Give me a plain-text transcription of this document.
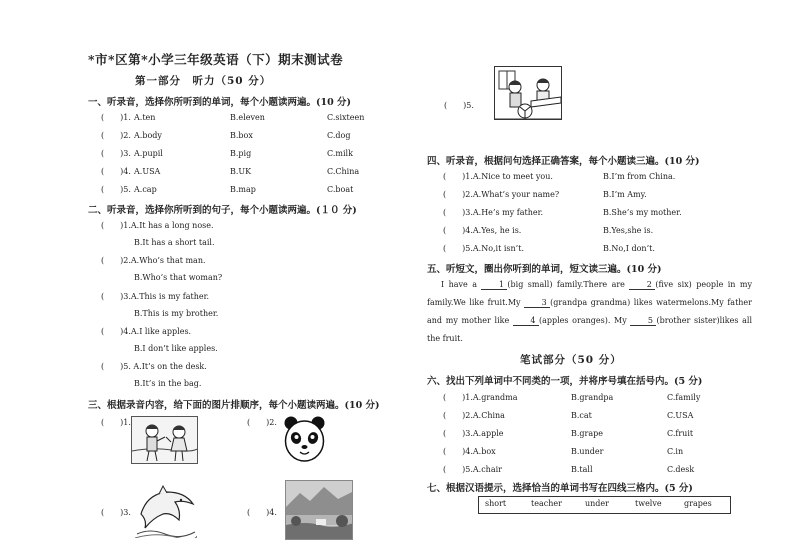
*市*区第*小学三年级英语（下）期末测试卷
第一部分　听力（50 分）
一、听录音，选择你所听到的单词，每个小题读两遍。(10 分)
(　　)1. A.ten	B.eleven	C.sixteen
(　　)2. A.body	B.box	C.dog
(　　)3. A.pupil	B.pig	C.milk
(　　)4. A.USA	B.UK	C.China
(　　)5. A.cap	B.map	C.boat
二、听录音，选择你所听到的句子，每个小题读两遍。(１０ 分)
(　　)1.A.It has a long nose.
B.It has a short tail.
(　　)2.A.Who’s that man．
B.Who’s that woman?
(　　)3.A.This is my father.
B.This is my brother.
(　　)4.A.I like apples.
B.I don’t like apples.
(　　)5. A.It’s on the desk.
B.It’s in the bag.
三、根据录音内容，给下面的图片排顺序，每个小题读两遍。(10 分)
(　　)1.	(　　)2.
(　　)3.	(　　)4.
(　　)5.
四、听录音，根据问句选择正确答案，每个小题读三遍。(10 分)
(　　)1.A.Nice to meet you.	B.I’m from China.
(　　)2.A.What’s your name?	B.I’m Amy.
(　　)3.A.He’s my father.	B.She’s my mother.
(　　)4.A.Yes, he is.	B.Yes,she is.
(　　)5.A.No,it isn’t.	B.No,I don’t.
五、听短文，圈出你听到的单词，短文读三遍。(10 分)
I have a	1 (big small) family.There are	2 (five six) people in my family.We like fruit.My	3 (grandpa grandma) likes watermelons.My father and my mother like	4 (apples oranges). My	5 (brother sister)likes all the fruit.
笔试部分（50 分）
六、找出下列单词中不同类的一项，并将序号填在括号内。(5 分)
(　　)1.A.grandma	B.grandpa	C.family
(　　)2.A.China	B.cat	C.USA
(　　)3.A.apple	B.grape	C.fruit
(　　)4.A.box	B.under	C.in
(　　)5.A.chair	B.tall	C.desk
七、根据汉语提示，选择恰当的单词书写在四线三格内。(5 分)
short	teacher	under	twelve	grapes
